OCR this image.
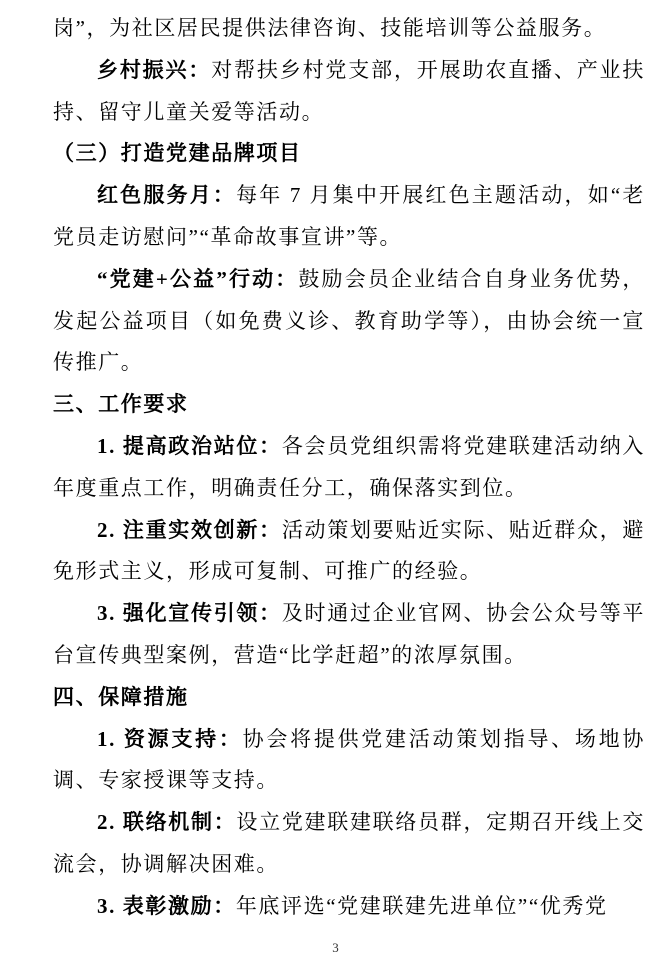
岗”，为社区居民提供法律咨询、技能培训等公益服务。

乡村振兴：对帮扶乡村党支部，开展助农直播、产业扶持、留守儿童关爱等活动。

（三）打造党建品牌项目

红色服务月：每年 7 月集中开展红色主题活动，如“老党员走访慰问”“革命故事宣讲”等。

“党建+公益”行动：鼓励会员企业结合自身业务优势，发起公益项目（如免费义诊、教育助学等），由协会统一宣传推广。

三、工作要求

1. 提高政治站位：各会员党组织需将党建联建活动纳入年度重点工作，明确责任分工，确保落实到位。

2. 注重实效创新：活动策划要贴近实际、贴近群众，避免形式主义，形成可复制、可推广的经验。

3. 强化宣传引领：及时通过企业官网、协会公众号等平台宣传典型案例，营造“比学赶超”的浓厚氛围。

四、保障措施

1. 资源支持：协会将提供党建活动策划指导、场地协调、专家授课等支持。

2. 联络机制：设立党建联建联络员群，定期召开线上交流会，协调解决困难。

3. 表彰激励：年底评选“党建联建先进单位”“优秀党

3
